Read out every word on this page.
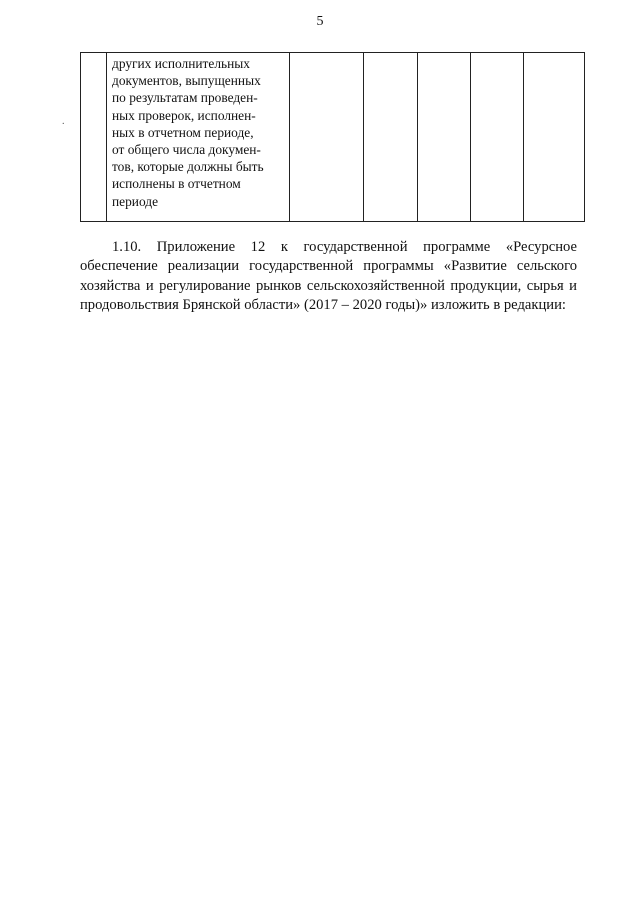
5
.
	других исполнительных
документов, выпущенных
по результатам проведен-
ных проверок, исполнен-
ных в отчетном периоде,
от общего числа докумен-
тов, которые должны быть
исполнены в отчетном
периоде					

1.10. Приложение 12 к государственной программе «Ресурсное обеспечение реализации государственной программы «Развитие сельского хозяйства и регулирование рынков сельскохозяйственной продукции, сырья и продовольствия Брянской области» (2017 – 2020 годы)» изложить в редакции:
